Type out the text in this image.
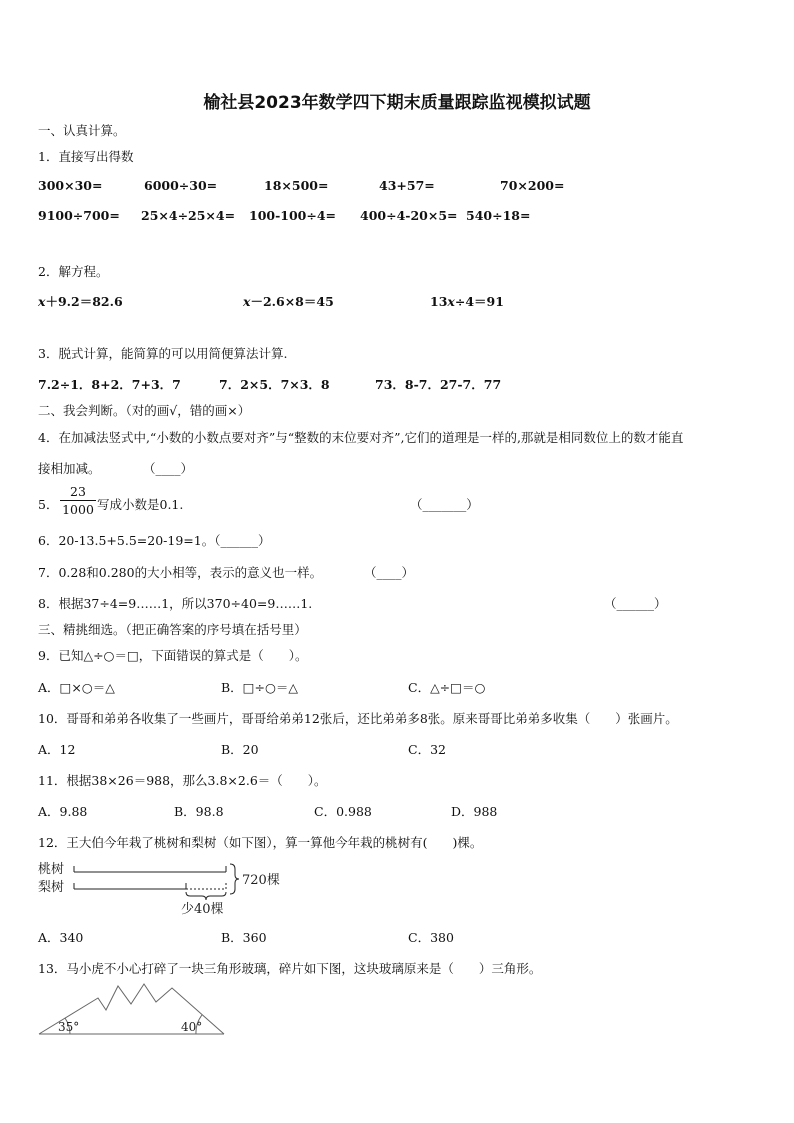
榆社县2023年数学四下期末质量跟踪监视模拟试题
一、认真计算。
1．直接写出得数
300×30=	6000÷30=	18×500=	43+57=	70×200=
9100÷700= 25×4÷25×4= 100-100÷4= 400÷4-20×5= 540÷18=
2．解方程。
x＋9.2＝82.6	x－2.6×8＝45	13x÷4＝91
3．脱式计算，能简算的可以用简便算法计算.
7.2÷1．8+2．7+3．7	7．2×5．7×3．8	73．8-7．27-7．77
二、我会判断。（对的画√，错的画×）
4．在加减法竖式中,“小数的小数点要对齐”与“整数的末位要对齐”,它们的道理是一样的,那就是相同数位上的数才能直
接相加减。	（____）
5．
23
1000 写成小数是0.1.	（_______）
6．20-13.5+5.5=20-19=1。（______）
7．0.28和0.280的大小相等，表示的意义也一样。	（____）
8．根据37÷4=9……1，所以370÷40=9……1.	（______）
三、精挑细选。（把正确答案的序号填在括号里）
9．已知△÷○＝□，下面错误的算式是（　　）。
A．□×○＝△	B．□÷○＝△	C．△÷□＝○
10．哥哥和弟弟各收集了一些画片，哥哥给弟弟12张后，还比弟弟多8张。原来哥哥比弟弟多收集（　　）张画片。
A．12	B．20	C．32
11．根据38×26＝988，那么3.8×2.6＝（　　）。
A．9.88	B．98.8	C．0.988	D．988
12．王大伯今年栽了桃树和梨树（如下图），算一算他今年栽的桃树有(　　)棵。
桃树
梨树	720棵
少40棵
A．340	B．360	C．380
13．马小虎不小心打碎了一块三角形玻璃，碎片如下图，这块玻璃原来是（　　）三角形。
35°	40°
